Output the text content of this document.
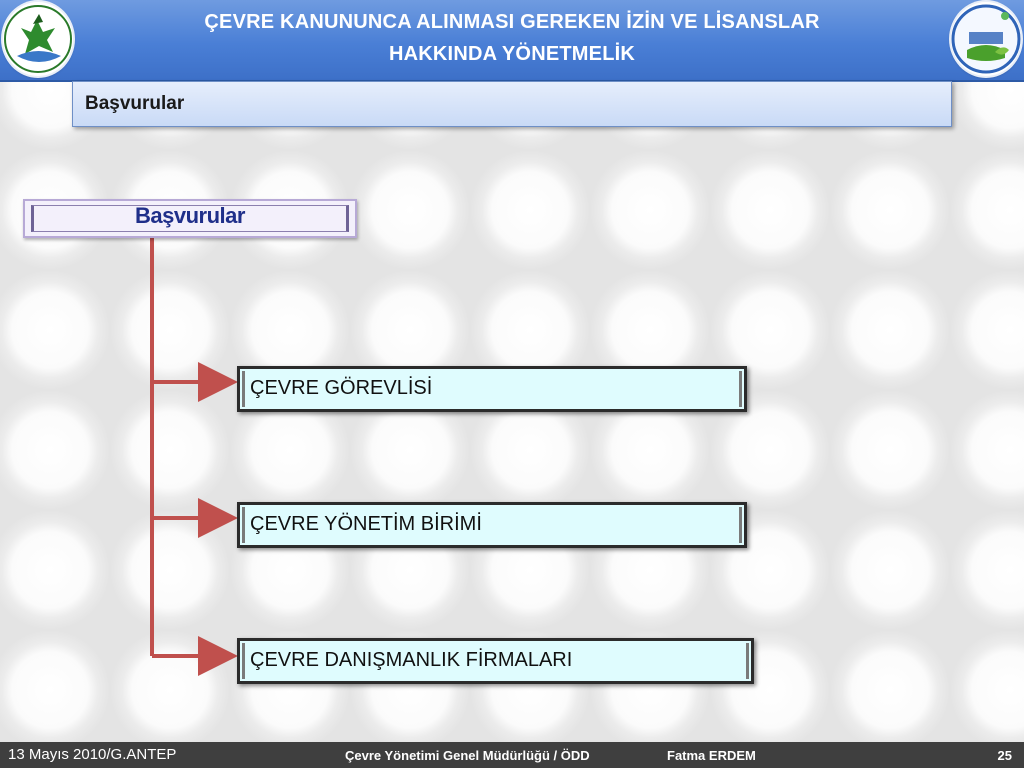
ÇEVRE KANUNUNCA ALINMASI GEREKEN İZİN VE LİSANSLAR
HAKKINDA YÖNETMELİK
Başvurular
Başvurular
ÇEVRE GÖREVLİSİ
ÇEVRE YÖNETİM BİRİMİ
ÇEVRE DANIŞMANLIK FİRMALARI
13 Mayıs 2010/G.ANTEP	Çevre Yönetimi Genel Müdürlüğü / ÖDD	Fatma ERDEM	25
